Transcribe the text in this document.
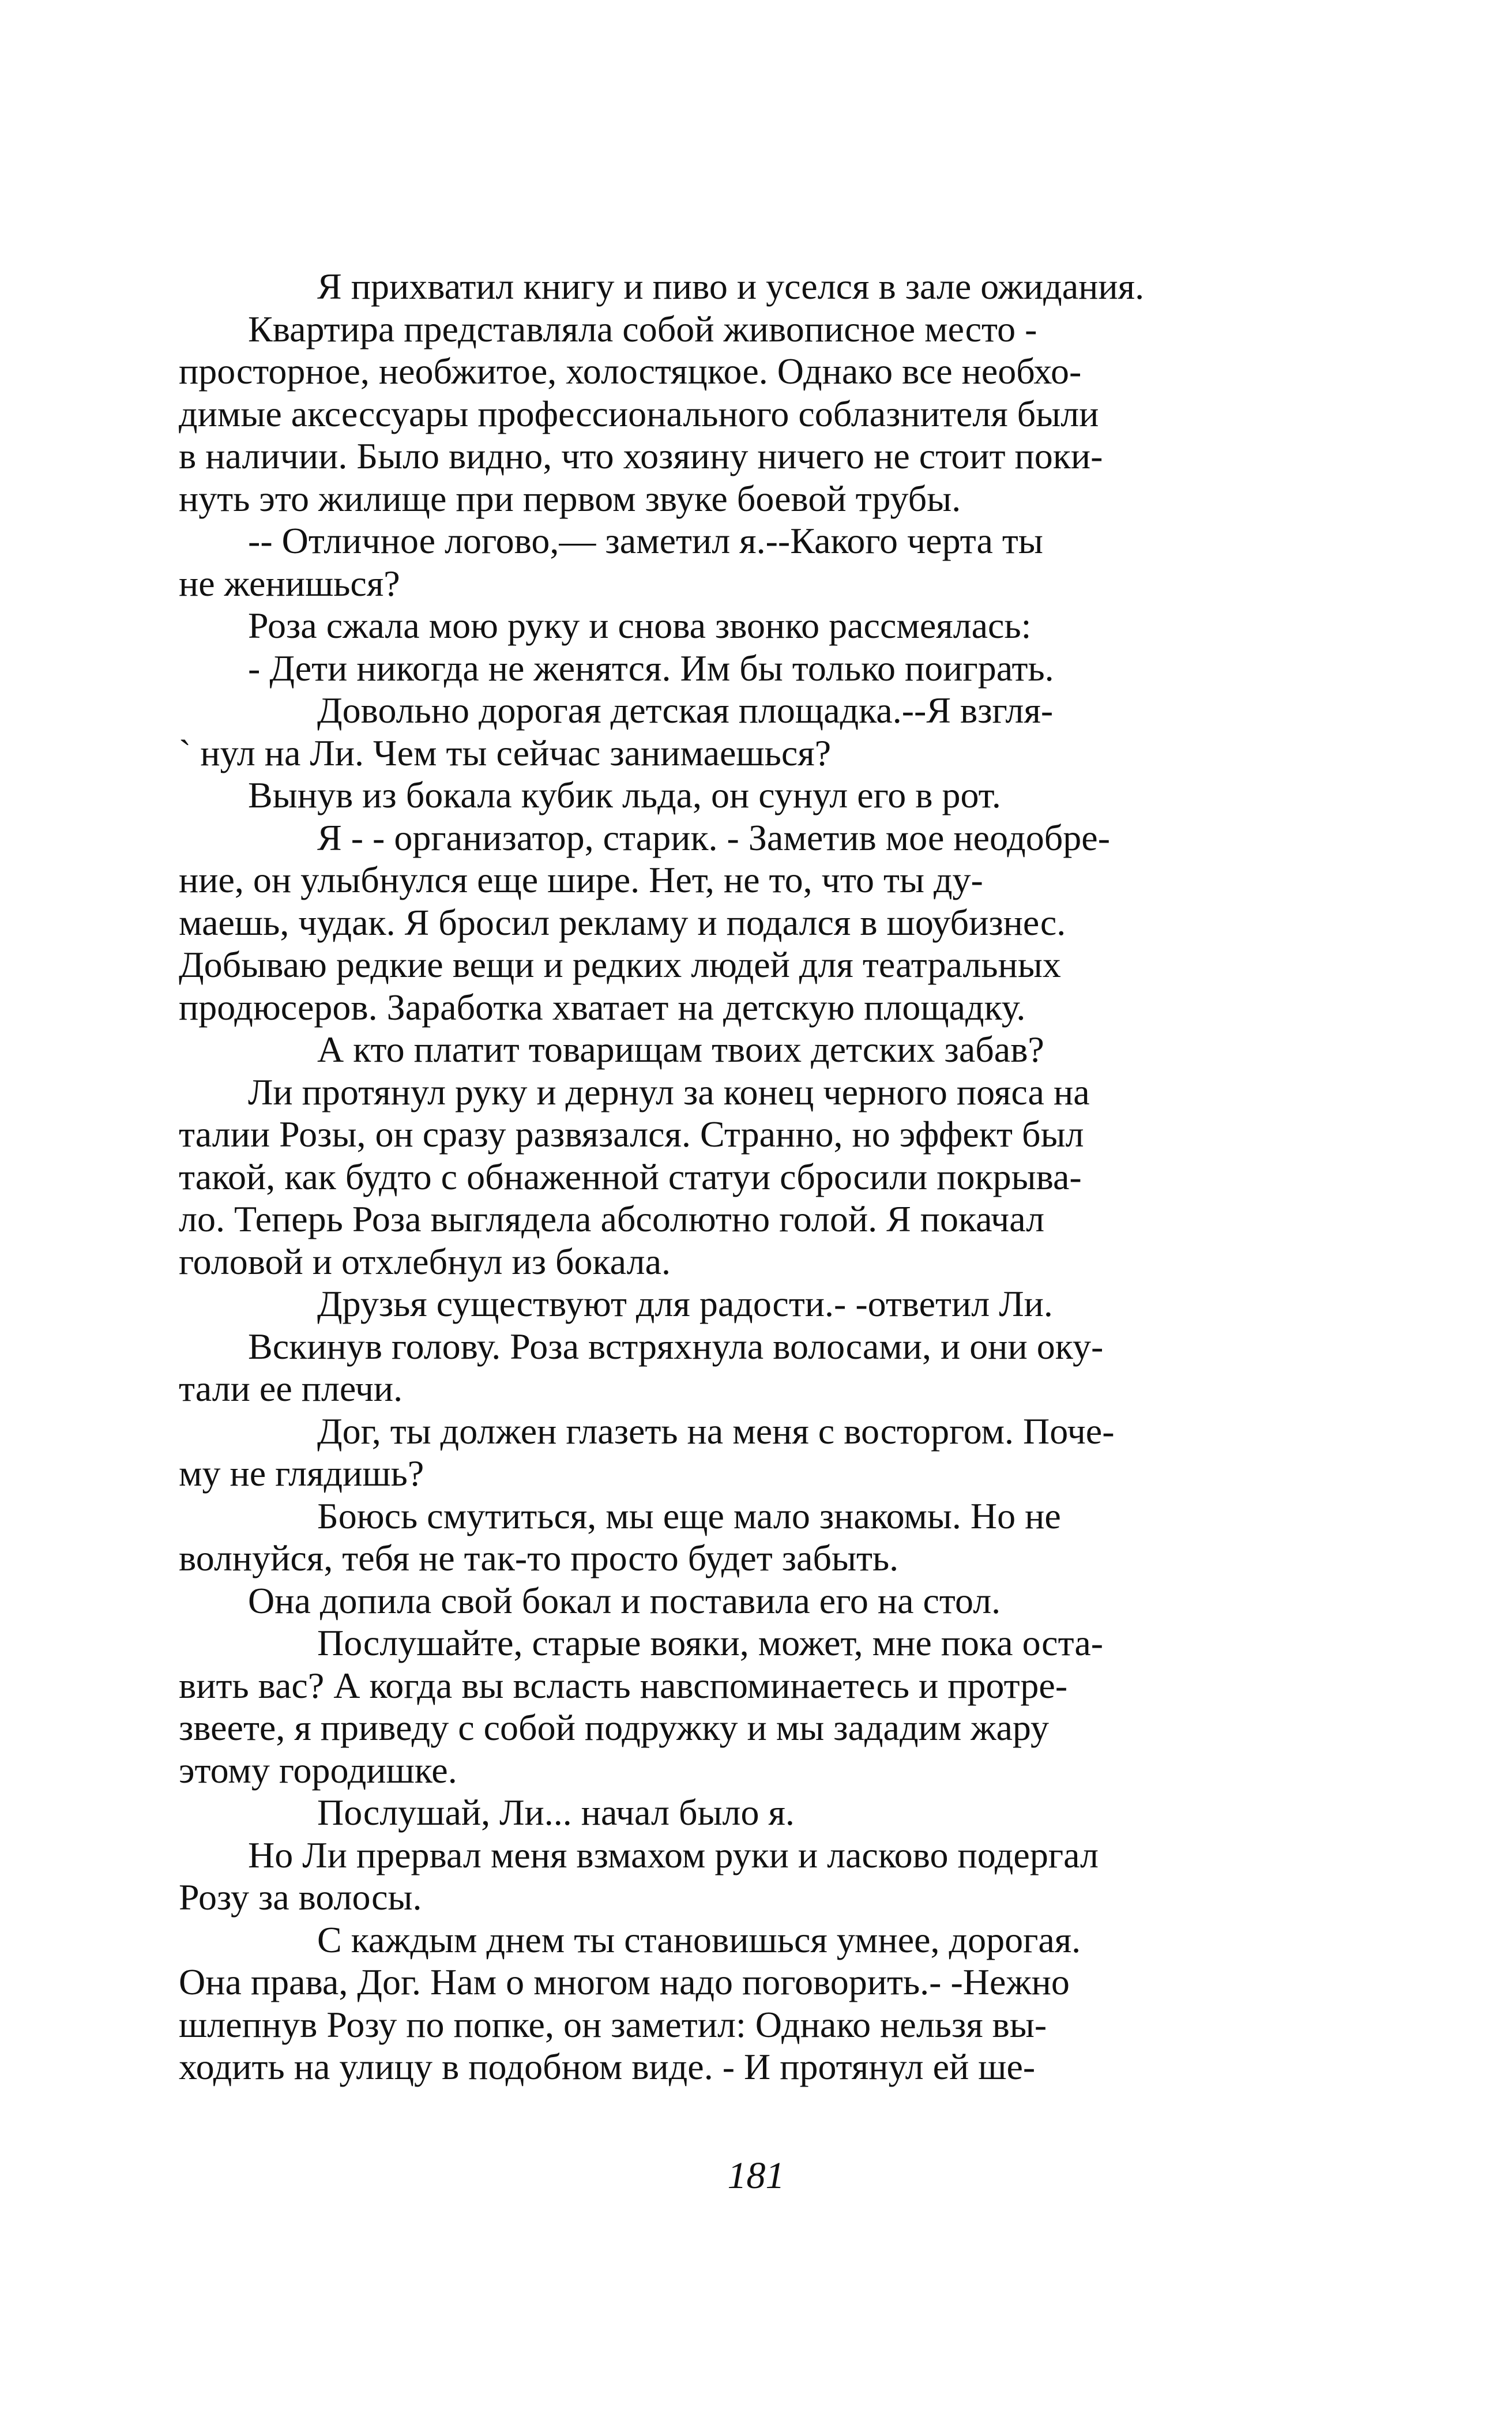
Я прихватил книгу и пиво и уселся в зале ожидания.
Квартира представляла собой живописное место -
просторное, необжитое, холостяцкое. Однако все необхо-
димые аксессуары профессионального соблазнителя были
в наличии. Было видно, что хозяину ничего не стоит поки-
нуть это жилище при первом звуке боевой трубы.
-- Отличное логово,— заметил я.--Какого черта ты
не женишься?
Роза сжала мою руку и снова звонко рассмеялась:
- Дети никогда не женятся. Им бы только поиграть.
Довольно дорогая детская площадка.--Я взгля-
` нул на Ли. Чем ты сейчас занимаешься?
Вынув из бокала кубик льда, он сунул его в рот.
Я - - организатор, старик. - Заметив мое неодобре-
ние, он улыбнулся еще шире. Нет, не то, что ты ду-
маешь, чудак. Я бросил рекламу и подался в шоубизнес.
Добываю редкие вещи и редких людей для театральных
продюсеров. Заработка хватает на детскую площадку.
А кто платит товарищам твоих детских забав?
Ли протянул руку и дернул за конец черного пояса на
талии Розы, он сразу развязался. Странно, но эффект был
такой, как будто с обнаженной статуи сбросили покрыва-
ло. Теперь Роза выглядела абсолютно голой. Я покачал
головой и отхлебнул из бокала.
Друзья существуют для радости.- -ответил Ли.
Вскинув голову. Роза встряхнула волосами, и они оку-
тали ее плечи.
Дог, ты должен глазеть на меня с восторгом. Поче-
му не глядишь?
Боюсь смутиться, мы еще мало знакомы. Но не
волнуйся, тебя не так-то просто будет забыть.
Она допила свой бокал и поставила его на стол.
Послушайте, старые вояки, может, мне пока оста-
вить вас? А когда вы всласть навспоминаетесь и протре-
звеете, я приведу с собой подружку и мы зададим жару
этому городишке.
Послушай, Ли... начал было я.
Но Ли прервал меня взмахом руки и ласково подергал
Розу за волосы.
С каждым днем ты становишься умнее, дорогая.
Она права, Дог. Нам о многом надо поговорить.- -Нежно
шлепнув Розу по попке, он заметил: Однако нельзя вы-
ходить на улицу в подобном виде. - И протянул ей ше-
181
